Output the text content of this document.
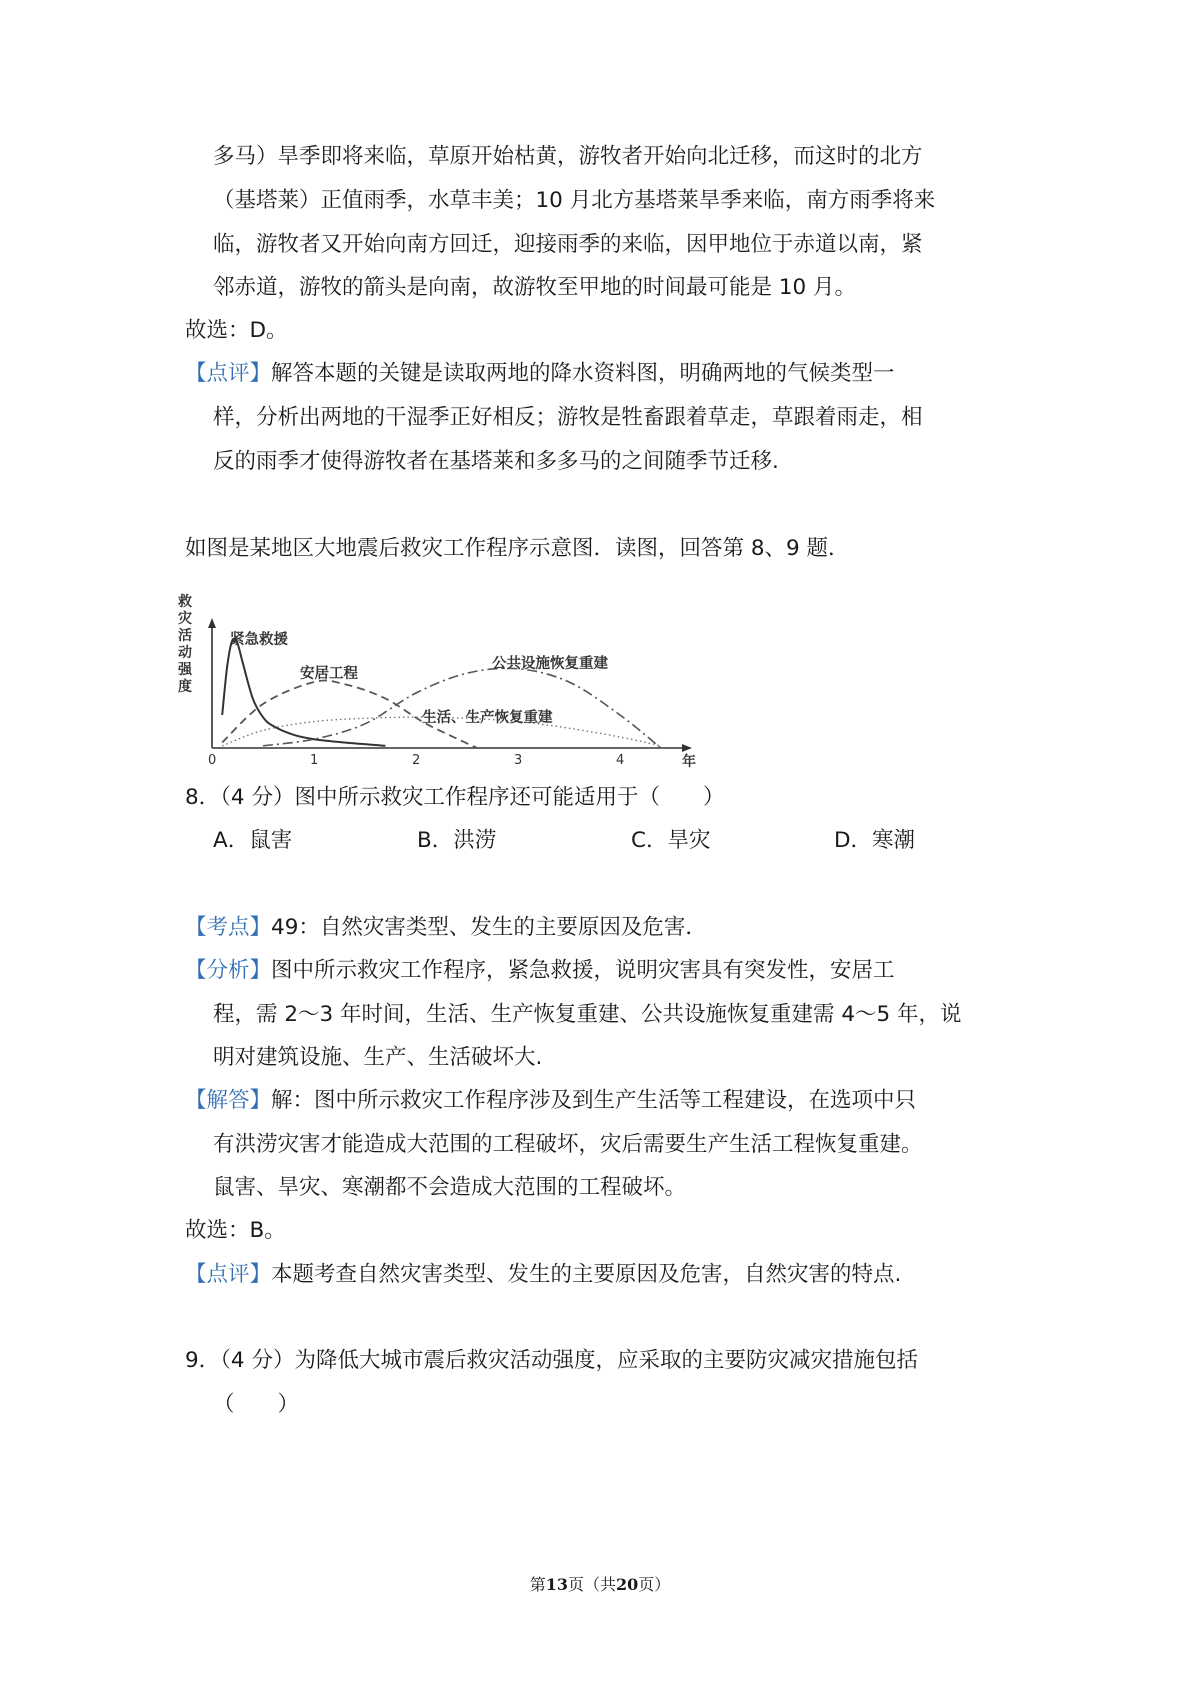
多马）旱季即将来临，草原开始枯黄，游牧者开始向北迁移，而这时的北方
（基塔莱）正值雨季，水草丰美；10 月北方基塔莱旱季来临，南方雨季将来
临，游牧者又开始向南方回迁，迎接雨季的来临，因甲地位于赤道以南，紧
邻赤道，游牧的箭头是向南，故游牧至甲地的时间最可能是 10 月。
故选：D。
【点评】解答本题的关键是读取两地的降水资料图，明确两地的气候类型一
样，分析出两地的干湿季正好相反；游牧是牲畜跟着草走，草跟着雨走，相
反的雨季才使得游牧者在基塔莱和多多马的之间随季节迁移.
如图是某地区大地震后救灾工作程序示意图．读图，回答第 8、9 题．
救
灾
活
动
强
度
0	1	2	3	4	年
紧急救援
安居工程
公共设施恢复重建
生活、生产恢复重建
8．（4 分）图中所示救灾工作程序还可能适用于（　　）
A．鼠害	B．洪涝	C．旱灾	D．寒潮
【考点】49：自然灾害类型、发生的主要原因及危害．
【分析】图中所示救灾工作程序，紧急救援，说明灾害具有突发性，安居工
程，需 2～3 年时间，生活、生产恢复重建、公共设施恢复重建需 4～5 年，说
明对建筑设施、生产、生活破坏大.
【解答】解：图中所示救灾工作程序涉及到生产生活等工程建设，在选项中只
有洪涝灾害才能造成大范围的工程破坏，灾后需要生产生活工程恢复重建。
鼠害、旱灾、寒潮都不会造成大范围的工程破坏。
故选：B。
【点评】本题考查自然灾害类型、发生的主要原因及危害，自然灾害的特点.
9．（4 分）为降低大城市震后救灾活动强度，应采取的主要防灾减灾措施包括
（　　）
第13页（共20页）
